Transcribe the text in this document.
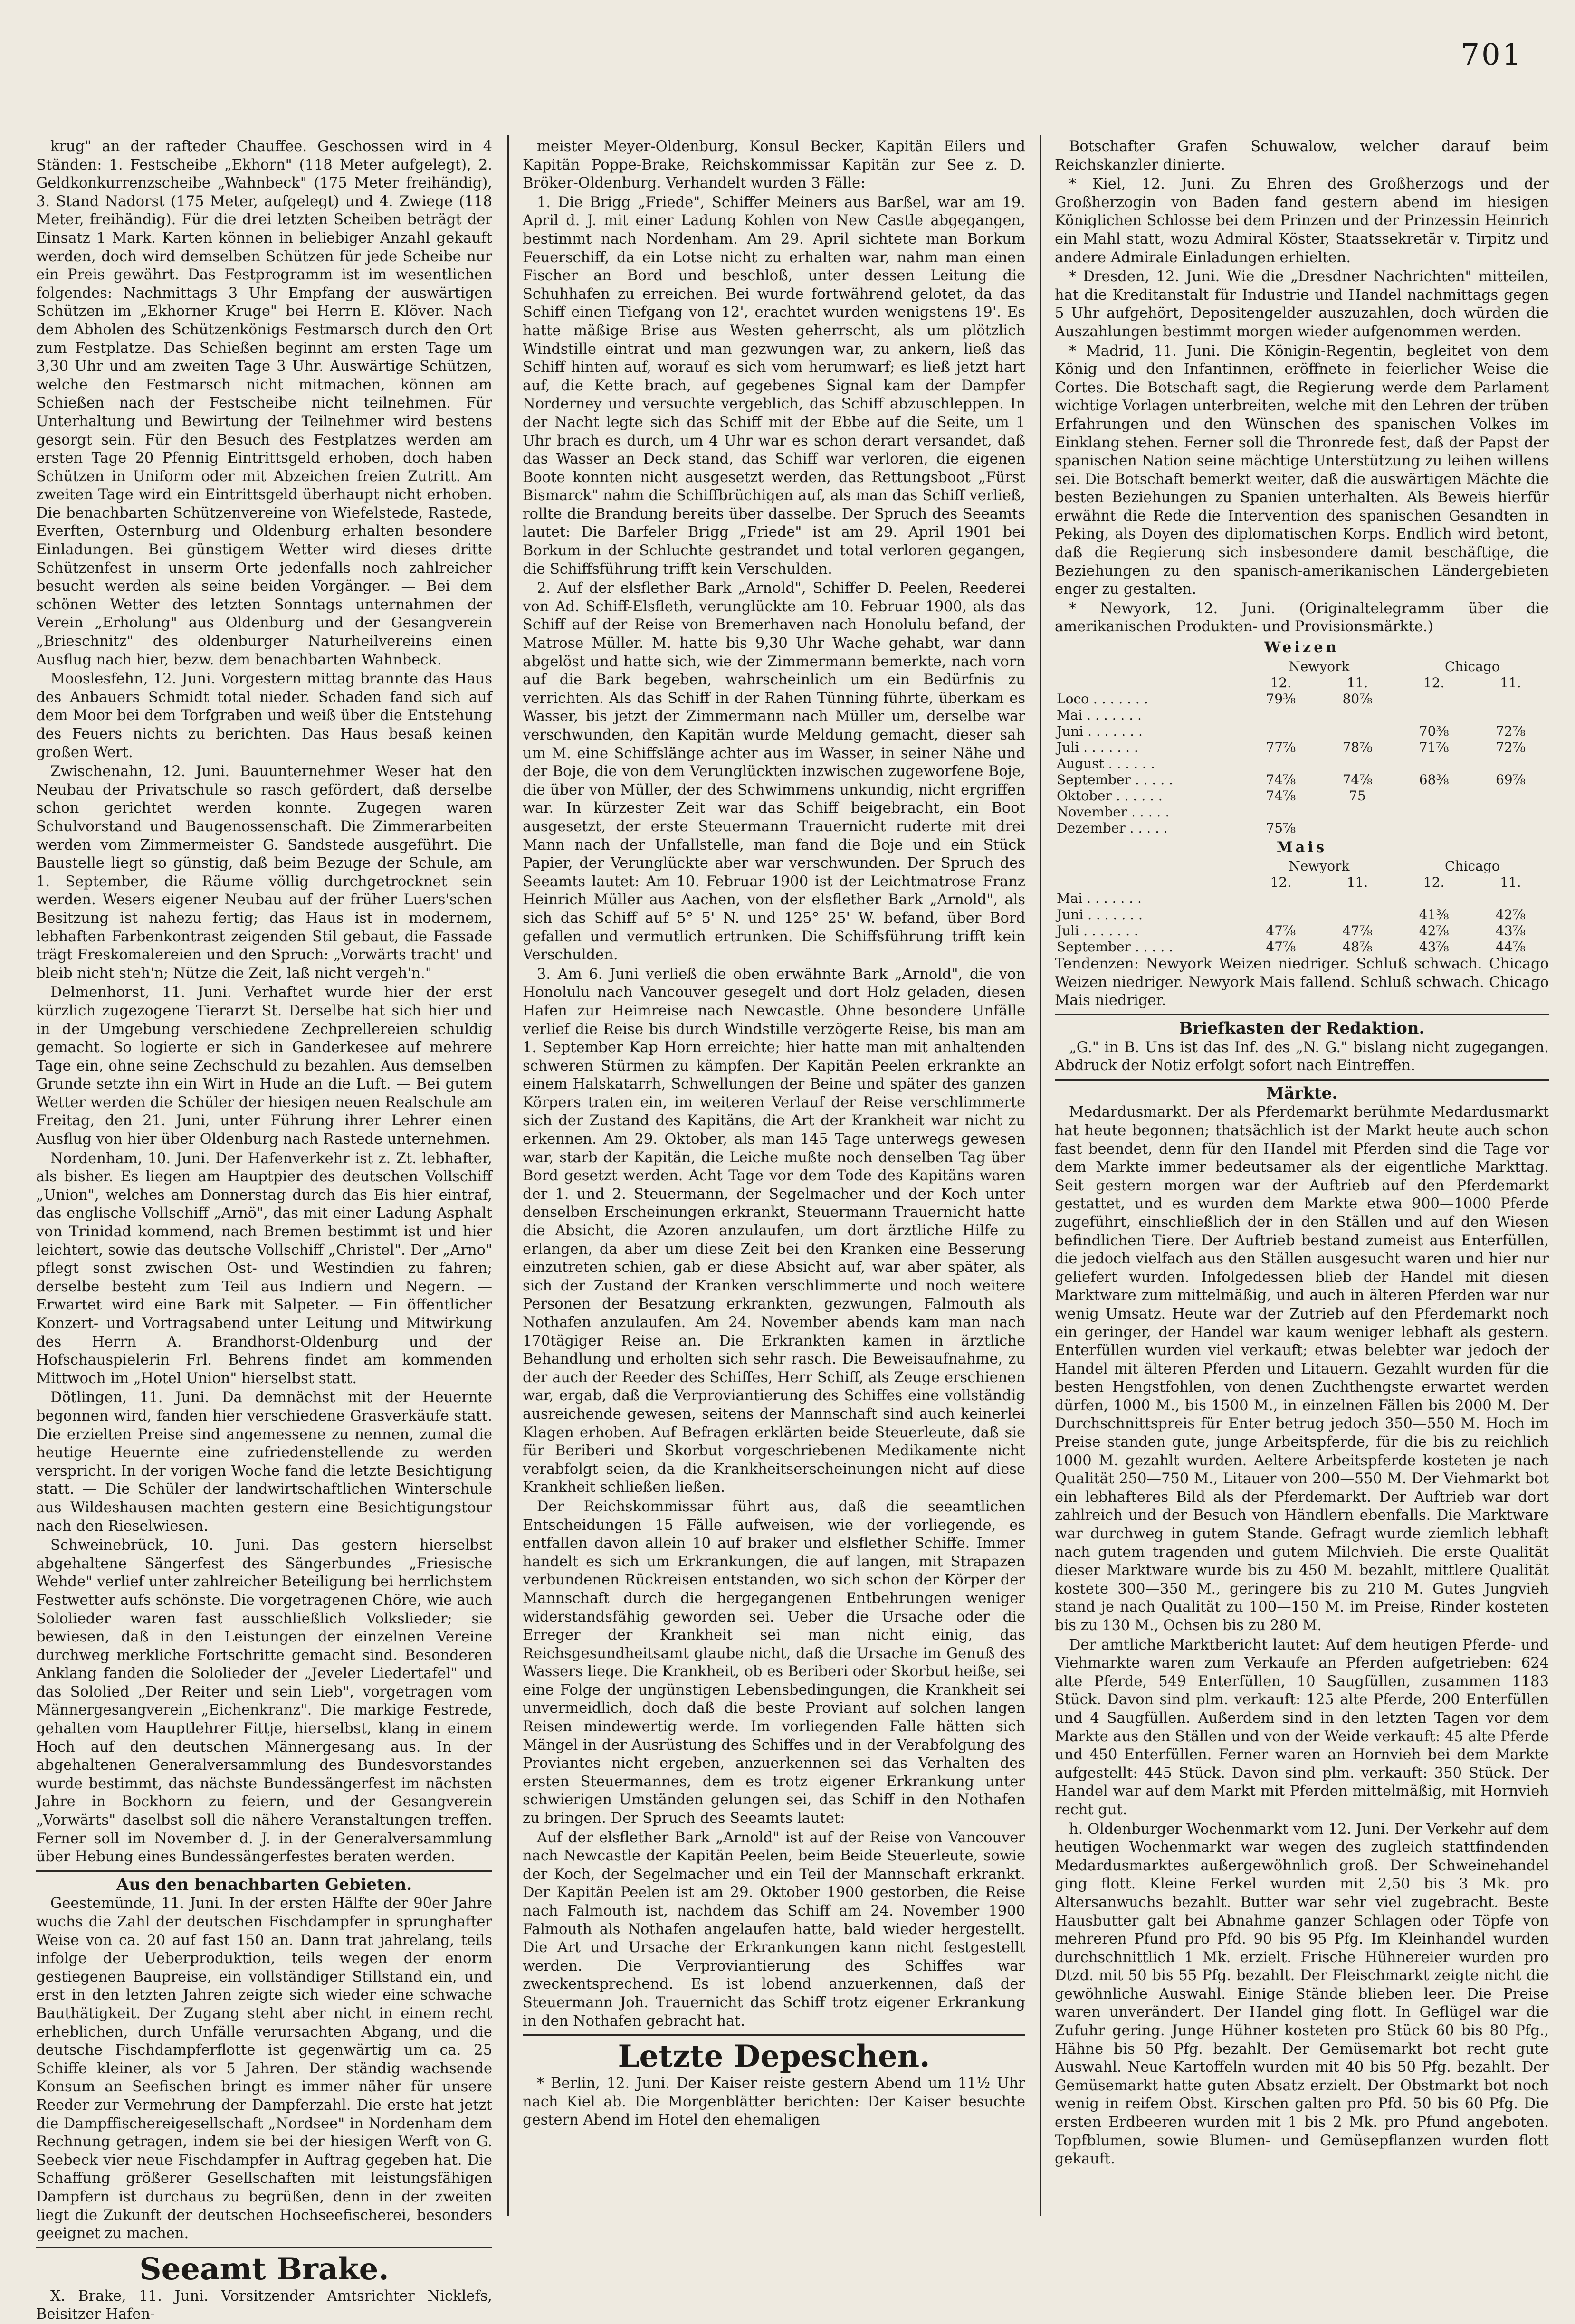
701

krug" an der rafteder Chauffee. Geschossen wird in 4 Ständen: 1. Festscheibe „Ekhorn" (118 Meter aufgelegt), 2. Geldkonkurrenzscheibe „Wahnbeck" (175 Meter freihändig), 3. Stand Nadorst (175 Meter, aufgelegt) und 4. Zwiege (118 Meter, freihändig). Für die drei letzten Scheiben beträgt der Einsatz 1 Mark. Karten können in beliebiger Anzahl gekauft werden, doch wird demselben Schützen für jede Scheibe nur ein Preis gewährt. Das Festprogramm ist im wesentlichen folgendes: Nachmittags 3 Uhr Empfang der auswärtigen Schützen im „Ekhorner Kruge" bei Herrn E. Klöver. Nach dem Abholen des Schützenkönigs Festmarsch durch den Ort zum Festplatze. Das Schießen beginnt am ersten Tage um 3,30 Uhr und am zweiten Tage 3 Uhr. Auswärtige Schützen, welche den Festmarsch nicht mitmachen, können am Schießen nach der Festscheibe nicht teilnehmen. Für Unterhaltung und Bewirtung der Teilnehmer wird bestens gesorgt sein. Für den Besuch des Festplatzes werden am ersten Tage 20 Pfennig Eintrittsgeld erhoben, doch haben Schützen in Uniform oder mit Abzeichen freien Zutritt. Am zweiten Tage wird ein Eintrittsgeld überhaupt nicht erhoben. Die benachbarten Schützenvereine von Wiefelstede, Rastede, Everften, Osternburg und Oldenburg erhalten besondere Einladungen. Bei günstigem Wetter wird dieses dritte Schützenfest in unserm Orte jedenfalls noch zahlreicher besucht werden als seine beiden Vorgänger. — Bei dem schönen Wetter des letzten Sonntags unternahmen der Verein „Erholung" aus Oldenburg und der Gesangverein „Brieschnitz" des oldenburger Naturheilvereins einen Ausflug nach hier, bezw. dem benachbarten Wahnbeck.

Mooslesfehn, 12. Juni. Vorgestern mittag brannte das Haus des Anbauers Schmidt total nieder. Schaden fand sich auf dem Moor bei dem Torfgraben und weiß über die Entstehung des Feuers nichts zu berichten. Das Haus besaß keinen großen Wert.

Zwischenahn, 12. Juni. Bauunternehmer Weser hat den Neubau der Privatschule so rasch gefördert, daß derselbe schon gerichtet werden konnte. Zugegen waren Schulvorstand und Baugenossenschaft. Die Zimmerarbeiten werden vom Zimmermeister G. Sandstede ausgeführt. Die Baustelle liegt so günstig, daß beim Bezuge der Schule, am 1. September, die Räume völlig durchgetrocknet sein werden. Wesers eigener Neubau auf der früher Luers'schen Besitzung ist nahezu fertig; das Haus ist in modernem, lebhaften Farbenkontrast zeigenden Stil gebaut, die Fassade trägt Freskomalereien und den Spruch: „Vorwärts tracht' und bleib nicht steh'n; Nütze die Zeit, laß nicht vergeh'n."

Delmenhorst, 11. Juni. Verhaftet wurde hier der erst kürzlich zugezogene Tierarzt St. Derselbe hat sich hier und in der Umgebung verschiedene Zechprellereien schuldig gemacht. So logierte er sich in Ganderkesee auf mehrere Tage ein, ohne seine Zechschuld zu bezahlen. Aus demselben Grunde setzte ihn ein Wirt in Hude an die Luft. — Bei gutem Wetter werden die Schüler der hiesigen neuen Realschule am Freitag, den 21. Juni, unter Führung ihrer Lehrer einen Ausflug von hier über Oldenburg nach Rastede unternehmen.

Nordenham, 10. Juni. Der Hafenverkehr ist z. Zt. lebhafter, als bisher. Es liegen am Hauptpier des deutschen Vollschiff „Union", welches am Donnerstag durch das Eis hier eintraf, das englische Vollschiff „Arnö", das mit einer Ladung Asphalt von Trinidad kommend, nach Bremen bestimmt ist und hier leichtert, sowie das deutsche Vollschiff „Christel". Der „Arno" pflegt sonst zwischen Ost- und Westindien zu fahren; derselbe besteht zum Teil aus Indiern und Negern. — Erwartet wird eine Bark mit Salpeter. — Ein öffentlicher Konzert- und Vortragsabend unter Leitung und Mitwirkung des Herrn A. Brandhorst-Oldenburg und der Hofschauspielerin Frl. Behrens findet am kommenden Mittwoch im „Hotel Union" hierselbst statt.

Dötlingen, 11. Juni. Da demnächst mit der Heuernte begonnen wird, fanden hier verschiedene Grasverkäufe statt. Die erzielten Preise sind angemessene zu nennen, zumal die heutige Heuernte eine zufriedenstellende zu werden verspricht. In der vorigen Woche fand die letzte Besichtigung statt. — Die Schüler der landwirtschaftlichen Winterschule aus Wildeshausen machten gestern eine Besichtigungstour nach den Rieselwiesen.

Schweinebrück, 10. Juni. Das gestern hierselbst abgehaltene Sängerfest des Sängerbundes „Friesische Wehde" verlief unter zahlreicher Beteiligung bei herrlichstem Festwetter aufs schönste. Die vorgetragenen Chöre, wie auch Sololieder waren fast ausschließlich Volkslieder; sie bewiesen, daß in den Leistungen der einzelnen Vereine durchweg merkliche Fortschritte gemacht sind. Besonderen Anklang fanden die Sololieder der „Jeveler Liedertafel" und das Sololied „Der Reiter und sein Lieb", vorgetragen vom Männergesangverein „Eichenkranz". Die markige Festrede, gehalten vom Hauptlehrer Fittje, hierselbst, klang in einem Hoch auf den deutschen Männergesang aus. In der abgehaltenen Generalversammlung des Bundesvorstandes wurde bestimmt, das nächste Bundessängerfest im nächsten Jahre in Bockhorn zu feiern, und der Gesangverein „Vorwärts" daselbst soll die nähere Veranstaltungen treffen. Ferner soll im November d. J. in der Generalversammlung über Hebung eines Bundessängerfestes beraten werden.

Aus den benachbarten Gebieten.

Geestemünde, 11. Juni. In der ersten Hälfte der 90er Jahre wuchs die Zahl der deutschen Fischdampfer in sprunghafter Weise von ca. 20 auf fast 150 an. Dann trat jahrelang, teils infolge der Ueberproduktion, teils wegen der enorm gestiegenen Baupreise, ein vollständiger Stillstand ein, und erst in den letzten Jahren zeigte sich wieder eine schwache Bauthätigkeit. Der Zugang steht aber nicht in einem recht erheblichen, durch Unfälle verursachten Abgang, und die deutsche Fischdampferflotte ist gegenwärtig um ca. 25 Schiffe kleiner, als vor 5 Jahren. Der ständig wachsende Konsum an Seefischen bringt es immer näher für unsere Reeder zur Vermehrung der Dampferzahl. Die erste hat jetzt die Dampffischereigesellschaft „Nordsee" in Nordenham dem Rechnung getragen, indem sie bei der hiesigen Werft von G. Seebeck vier neue Fischdampfer in Auftrag gegeben hat. Die Schaffung größerer Gesellschaften mit leistungsfähigen Dampfern ist durchaus zu begrüßen, denn in der zweiten liegt die Zukunft der deutschen Hochseefischerei, besonders geeignet zu machen.

Seeamt Brake.

X. Brake, 11. Juni. Vorsitzender Amtsrichter Nicklefs, Beisitzer Hafen-

meister Meyer-Oldenburg, Konsul Becker, Kapitän Eilers und Kapitän Poppe-Brake, Reichskommissar Kapitän zur See z. D. Bröker-Oldenburg. Verhandelt wurden 3 Fälle:

1. Die Brigg „Friede", Schiffer Meiners aus Barßel, war am 19. April d. J. mit einer Ladung Kohlen von New Castle abgegangen, bestimmt nach Nordenham. Am 29. April sichtete man Borkum Feuerschiff, da ein Lotse nicht zu erhalten war, nahm man einen Fischer an Bord und beschloß, unter dessen Leitung die Schuhhafen zu erreichen. Bei wurde fortwährend gelotet, da das Schiff einen Tiefgang von 12', erachtet wurden wenigstens 19'. Es hatte mäßige Brise aus Westen geherrscht, als um plötzlich Windstille eintrat und man gezwungen war, zu ankern, ließ das Schiff hinten auf, worauf es sich vom herumwarf; es ließ jetzt hart auf, die Kette brach, auf gegebenes Signal kam der Dampfer Norderney und versuchte vergeblich, das Schiff abzuschleppen. In der Nacht legte sich das Schiff mit der Ebbe auf die Seite, um 1 Uhr brach es durch, um 4 Uhr war es schon derart versandet, daß das Wasser an Deck stand, das Schiff war verloren, die eigenen Boote konnten nicht ausgesetzt werden, das Rettungsboot „Fürst Bismarck" nahm die Schiffbrüchigen auf, als man das Schiff verließ, rollte die Brandung bereits über dasselbe. Der Spruch des Seeamts lautet: Die Barfeler Brigg „Friede" ist am 29. April 1901 bei Borkum in der Schluchte gestrandet und total verloren gegangen, die Schiffsführung trifft kein Verschulden.

2. Auf der elsflether Bark „Arnold", Schiffer D. Peelen, Reederei von Ad. Schiff-Elsfleth, verunglückte am 10. Februar 1900, als das Schiff auf der Reise von Bremerhaven nach Honolulu befand, der Matrose Müller. M. hatte bis 9,30 Uhr Wache gehabt, war dann abgelöst und hatte sich, wie der Zimmermann bemerkte, nach vorn auf die Bark begeben, wahrscheinlich um ein Bedürfnis zu verrichten. Als das Schiff in der Rahen Tünning führte, überkam es Wasser, bis jetzt der Zimmermann nach Müller um, derselbe war verschwunden, den Kapitän wurde Meldung gemacht, dieser sah um M. eine Schiffslänge achter aus im Wasser, in seiner Nähe und der Boje, die von dem Verunglückten inzwischen zugeworfene Boje, die über von Müller, der des Schwimmens unkundig, nicht ergriffen war. In kürzester Zeit war das Schiff beigebracht, ein Boot ausgesetzt, der erste Steuermann Trauernicht ruderte mit drei Mann nach der Unfallstelle, man fand die Boje und ein Stück Papier, der Verunglückte aber war verschwunden. Der Spruch des Seeamts lautet: Am 10. Februar 1900 ist der Leichtmatrose Franz Heinrich Müller aus Aachen, von der elsflether Bark „Arnold", als sich das Schiff auf 5° 5' N. und 125° 25' W. befand, über Bord gefallen und vermutlich ertrunken. Die Schiffsführung trifft kein Verschulden.

3. Am 6. Juni verließ die oben erwähnte Bark „Arnold", die von Honolulu nach Vancouver gesegelt und dort Holz geladen, diesen Hafen zur Heimreise nach Newcastle. Ohne besondere Unfälle verlief die Reise bis durch Windstille verzögerte Reise, bis man am 1. September Kap Horn erreichte; hier hatte man mit anhaltenden schweren Stürmen zu kämpfen. Der Kapitän Peelen erkrankte an einem Halskatarrh, Schwellungen der Beine und später des ganzen Körpers traten ein, im weiteren Verlauf der Reise verschlimmerte sich der Zustand des Kapitäns, die Art der Krankheit war nicht zu erkennen. Am 29. Oktober, als man 145 Tage unterwegs gewesen war, starb der Kapitän, die Leiche mußte noch denselben Tag über Bord gesetzt werden. Acht Tage vor dem Tode des Kapitäns waren der 1. und 2. Steuermann, der Segelmacher und der Koch unter denselben Erscheinungen erkrankt, Steuermann Trauernicht hatte die Absicht, die Azoren anzulaufen, um dort ärztliche Hilfe zu erlangen, da aber um diese Zeit bei den Kranken eine Besserung einzutreten schien, gab er diese Absicht auf, war aber später, als sich der Zustand der Kranken verschlimmerte und noch weitere Personen der Besatzung erkrankten, gezwungen, Falmouth als Nothafen anzulaufen. Am 24. November abends kam man nach 170tägiger Reise an. Die Erkrankten kamen in ärztliche Behandlung und erholten sich sehr rasch. Die Beweisaufnahme, zu der auch der Reeder des Schiffes, Herr Schiff, als Zeuge erschienen war, ergab, daß die Verproviantierung des Schiffes eine vollständig ausreichende gewesen, seitens der Mannschaft sind auch keinerlei Klagen erhoben. Auf Befragen erklärten beide Steuerleute, daß sie für Beriberi und Skorbut vorgeschriebenen Medikamente nicht verabfolgt seien, da die Krankheitserscheinungen nicht auf diese Krankheit schließen ließen.

Der Reichskommissar führt aus, daß die seeamtlichen Entscheidungen 15 Fälle aufweisen, wie der vorliegende, es entfallen davon allein 10 auf braker und elsflether Schiffe. Immer handelt es sich um Erkrankungen, die auf langen, mit Strapazen verbundenen Rückreisen entstanden, wo sich schon der Körper der Mannschaft durch die hergegangenen Entbehrungen weniger widerstandsfähig geworden sei. Ueber die Ursache oder die Erreger der Krankheit sei man nicht einig, das Reichsgesundheitsamt glaube nicht, daß die Ursache im Genuß des Wassers liege. Die Krankheit, ob es Beriberi oder Skorbut heiße, sei eine Folge der ungünstigen Lebensbedingungen, die Krankheit sei unvermeidlich, doch daß die beste Proviant auf solchen langen Reisen mindewertig werde. Im vorliegenden Falle hätten sich Mängel in der Ausrüstung des Schiffes und in der Verabfolgung des Proviantes nicht ergeben, anzuerkennen sei das Verhalten des ersten Steuermannes, dem es trotz eigener Erkrankung unter schwierigen Umständen gelungen sei, das Schiff in den Nothafen zu bringen. Der Spruch des Seeamts lautet:

Auf der elsflether Bark „Arnold" ist auf der Reise von Vancouver nach Newcastle der Kapitän Peelen, beim Beide Steuerleute, sowie der Koch, der Segelmacher und ein Teil der Mannschaft erkrankt. Der Kapitän Peelen ist am 29. Oktober 1900 gestorben, die Reise nach Falmouth ist, nachdem das Schiff am 24. November 1900 Falmouth als Nothafen angelaufen hatte, bald wieder hergestellt. Die Art und Ursache der Erkrankungen kann nicht festgestellt werden. Die Verproviantierung des Schiffes war zweckentsprechend. Es ist lobend anzuerkennen, daß der Steuermann Joh. Trauernicht das Schiff trotz eigener Erkrankung in den Nothafen gebracht hat.

Letzte Depeschen.

* Berlin, 12. Juni. Der Kaiser reiste gestern Abend um 11½ Uhr nach Kiel ab. Die Morgenblätter berichten: Der Kaiser besuchte gestern Abend im Hotel den ehemaligen

Botschafter Grafen Schuwalow, welcher darauf beim Reichskanzler dinierte.

* Kiel, 12. Juni. Zu Ehren des Großherzogs und der Großherzogin von Baden fand gestern abend im hiesigen Königlichen Schlosse bei dem Prinzen und der Prinzessin Heinrich ein Mahl statt, wozu Admiral Köster, Staatssekretär v. Tirpitz und andere Admirale Einladungen erhielten.

* Dresden, 12. Juni. Wie die „Dresdner Nachrichten" mitteilen, hat die Kreditanstalt für Industrie und Handel nachmittags gegen 5 Uhr aufgehört, Depositengelder auszuzahlen, doch würden die Auszahlungen bestimmt morgen wieder aufgenommen werden.

* Madrid, 11. Juni. Die Königin-Regentin, begleitet von dem König und den Infantinnen, eröffnete in feierlicher Weise die Cortes. Die Botschaft sagt, die Regierung werde dem Parlament wichtige Vorlagen unterbreiten, welche mit den Lehren der trüben Erfahrungen und den Wünschen des spanischen Volkes im Einklang stehen. Ferner soll die Thronrede fest, daß der Papst der spanischen Nation seine mächtige Unterstützung zu leihen willens sei. Die Botschaft bemerkt weiter, daß die auswärtigen Mächte die besten Beziehungen zu Spanien unterhalten. Als Beweis hierfür erwähnt die Rede die Intervention des spanischen Gesandten in Peking, als Doyen des diplomatischen Korps. Endlich wird betont, daß die Regierung sich insbesondere damit beschäftige, die Beziehungen zu den spanisch-amerikanischen Ländergebieten enger zu gestalten.

* Newyork, 12. Juni. (Originaltelegramm über die amerikanischen Produkten- und Provisionsmärkte.)

Weizen
	Newyork		Chicago	
	12.	11.	12.	11.
Loco . . . . . . .	79⅜	80⅞		
Mai . . . . . . .				
Juni . . . . . . .			70⅜	72⅞
Juli . . . . . . .	77⅞	78⅞	71⅞	72⅞
August . . . . . .				
September . . . . .	74⅞	74⅞	68⅜	69⅞
Oktober . . . . . .	74⅞	75		
November . . . . .				
Dezember . . . . .	75⅞			
Mais
	Newyork		Chicago	
	12.	11.	12.	11.
Mai . . . . . . .				
Juni . . . . . . .			41⅜	42⅞
Juli . . . . . . .	47⅞	47⅞	42⅞	43⅞
September . . . . .	47⅞	48⅞	43⅞	44⅞

Tendenzen: Newyork Weizen niedriger. Schluß schwach. Chicago Weizen niedriger. Newyork Mais fallend. Schluß schwach. Chicago Mais niedriger.

Briefkasten der Redaktion.

„G." in B. Uns ist das Inf. des „N. G." bislang nicht zugegangen. Abdruck der Notiz erfolgt sofort nach Eintreffen.

Märkte.

Medardusmarkt. Der als Pferdemarkt berühmte Medardusmarkt hat heute begonnen; thatsächlich ist der Markt heute auch schon fast beendet, denn für den Handel mit Pferden sind die Tage vor dem Markte immer bedeutsamer als der eigentliche Markttag. Seit gestern morgen war der Auftrieb auf den Pferdemarkt gestattet, und es wurden dem Markte etwa 900—1000 Pferde zugeführt, einschließlich der in den Ställen und auf den Wiesen befindlichen Tiere. Der Auftrieb bestand zumeist aus Enterfüllen, die jedoch vielfach aus den Ställen ausgesucht waren und hier nur geliefert wurden. Infolgedessen blieb der Handel mit diesen Marktware zum mittelmäßig, und auch in älteren Pferden war nur wenig Umsatz. Heute war der Zutrieb auf den Pferdemarkt noch ein geringer, der Handel war kaum weniger lebhaft als gestern. Enterfüllen wurden viel verkauft; etwas belebter war jedoch der Handel mit älteren Pferden und Litauern. Gezahlt wurden für die besten Hengstfohlen, von denen Zuchthengste erwartet werden dürfen, 1000 M., bis 1500 M., in einzelnen Fällen bis 2000 M. Der Durchschnittspreis für Enter betrug jedoch 350—550 M. Hoch im Preise standen gute, junge Arbeitspferde, für die bis zu reichlich 1000 M. gezahlt wurden. Aeltere Arbeitspferde kosteten je nach Qualität 250—750 M., Litauer von 200—550 M. Der Viehmarkt bot ein lebhafteres Bild als der Pferdemarkt. Der Auftrieb war dort zahlreich und der Besuch von Händlern ebenfalls. Die Marktware war durchweg in gutem Stande. Gefragt wurde ziemlich lebhaft nach gutem tragenden und gutem Milchvieh. Die erste Qualität dieser Marktware wurde bis zu 450 M. bezahlt, mittlere Qualität kostete 300—350 M., geringere bis zu 210 M. Gutes Jungvieh stand je nach Qualität zu 100—150 M. im Preise, Rinder kosteten bis zu 130 M., Ochsen bis zu 280 M.

Der amtliche Marktbericht lautet: Auf dem heutigen Pferde- und Viehmarkte waren zum Verkaufe an Pferden aufgetrieben: 624 alte Pferde, 549 Enterfüllen, 10 Saugfüllen, zusammen 1183 Stück. Davon sind plm. verkauft: 125 alte Pferde, 200 Enterfüllen und 4 Saugfüllen. Außerdem sind in den letzten Tagen vor dem Markte aus den Ställen und von der Weide verkauft: 45 alte Pferde und 450 Enterfüllen. Ferner waren an Hornvieh bei dem Markte aufgestellt: 445 Stück. Davon sind plm. verkauft: 350 Stück. Der Handel war auf dem Markt mit Pferden mittelmäßig, mit Hornvieh recht gut.

h. Oldenburger Wochenmarkt vom 12. Juni. Der Verkehr auf dem heutigen Wochenmarkt war wegen des zugleich stattfindenden Medardusmarktes außergewöhnlich groß. Der Schweinehandel ging flott. Kleine Ferkel wurden mit 2,50 bis 3 Mk. pro Altersanwuchs bezahlt. Butter war sehr viel zugebracht. Beste Hausbutter galt bei Abnahme ganzer Schlagen oder Töpfe von mehreren Pfund pro Pfd. 90 bis 95 Pfg. Im Kleinhandel wurden durchschnittlich 1 Mk. erzielt. Frische Hühnereier wurden pro Dtzd. mit 50 bis 55 Pfg. bezahlt. Der Fleischmarkt zeigte nicht die gewöhnliche Auswahl. Einige Stände blieben leer. Die Preise waren unverändert. Der Handel ging flott. In Geflügel war die Zufuhr gering. Junge Hühner kosteten pro Stück 60 bis 80 Pfg., Hähne bis 50 Pfg. bezahlt. Der Gemüsemarkt bot recht gute Auswahl. Neue Kartoffeln wurden mit 40 bis 50 Pfg. bezahlt. Der Gemüsemarkt hatte guten Absatz erzielt. Der Obstmarkt bot noch wenig in reifem Obst. Kirschen galten pro Pfd. 50 bis 60 Pfg. Die ersten Erdbeeren wurden mit 1 bis 2 Mk. pro Pfund angeboten. Topfblumen, sowie Blumen- und Gemüsepflanzen wurden flott gekauft.
